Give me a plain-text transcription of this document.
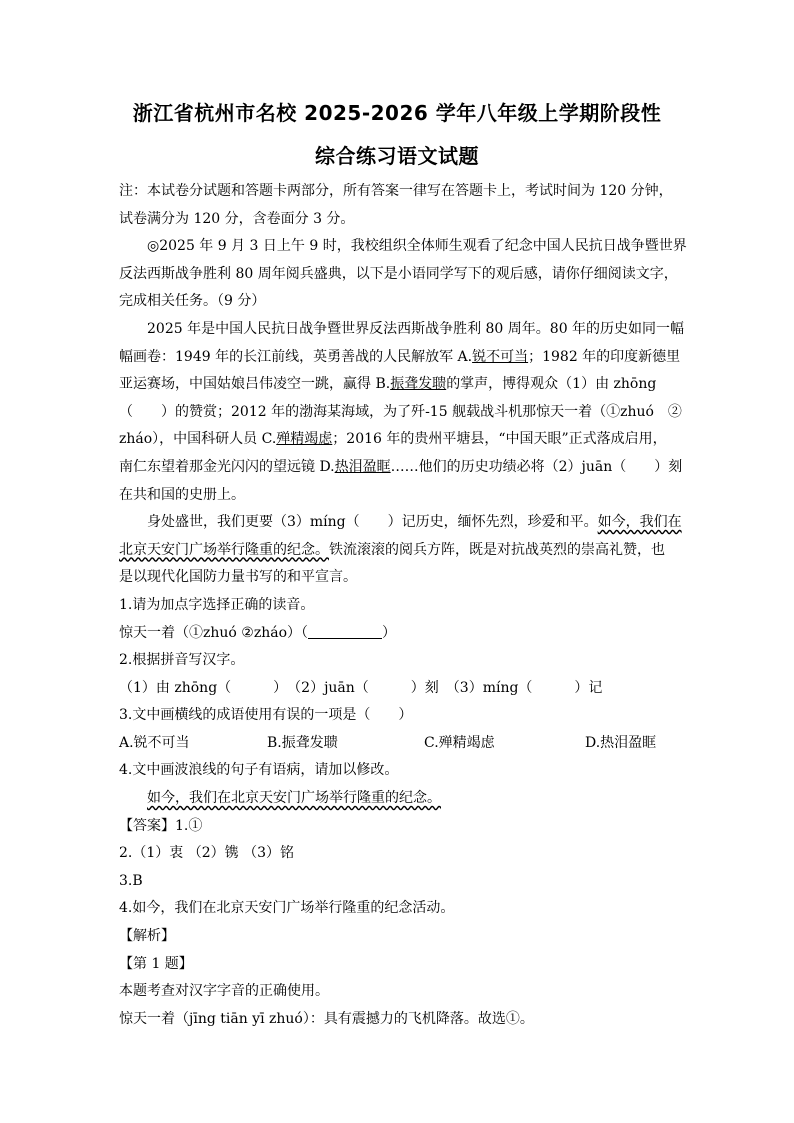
浙江省杭州市名校 2025-2026 学年八年级上学期阶段性
综合练习语文试题

注：本试卷分试题和答题卡两部分，所有答案一律写在答题卡上，考试时间为 120 分钟，

试卷满分为 120 分，含卷面分 3 分。

◎2025 年 9 月 3 日上午 9 时，我校组织全体师生观看了纪念中国人民抗日战争暨世界

反法西斯战争胜利 80 周年阅兵盛典，以下是小语同学写下的观后感，请你仔细阅读文字，

完成相关任务。（9 分）

2025 年是中国人民抗日战争暨世界反法西斯战争胜利 80 周年。80 年的历史如同一幅

幅画卷：1949 年的长江前线，英勇善战的人民解放军 A.锐不可当；1982 年的印度新德里

亚运赛场，中国姑娘吕伟凌空一跳，赢得 B.振聋发聩的掌声，博得观众（1）由 zhōng

（　　）的赞赏；2012 年的渤海某海域，为了歼-15 舰载战斗机那惊天一着（①zhuó　②

zháo），中国科研人员 C.殚精竭虑；2016 年的贵州平塘县，“中国天眼”正式落成启用，

南仁东望着那金光闪闪的望远镜 D.热泪盈眶……他们的历史功绩必将（2）juān（　　）刻

在共和国的史册上。

身处盛世，我们更要（3）míng（　　）记历史，缅怀先烈，珍爱和平。如今，我们在

北京天安门广场举行隆重的纪念。铁流滚滚的阅兵方阵，既是对抗战英烈的崇高礼赞，也

是以现代化国防力量书写的和平宣言。

1.请为加点字选择正确的读音。

惊天一着（①zhuó ②zháo）（	）

2.根据拼音写汉字。

（1）由 zhōng（　　　）　（2）juān（　　　）刻　（3）míng（　　　）记

3.文中画横线的成语使用有误的一项是（　　）

A.锐不可当	B.振聋发聩	C.殚精竭虑	D.热泪盈眶

4.文中画波浪线的句子有语病，请加以修改。

如今，我们在北京天安门广场举行隆重的纪念。

【答案】1.①

2.（1）衷 （2）镌 （3）铭

3.B

4.如今，我们在北京天安门广场举行隆重的纪念活动。

【解析】

【第 1 题】

本题考查对汉字字音的正确使用。

惊天一着（jīng tiān yī zhuó）：具有震撼力的飞机降落。故选①。
